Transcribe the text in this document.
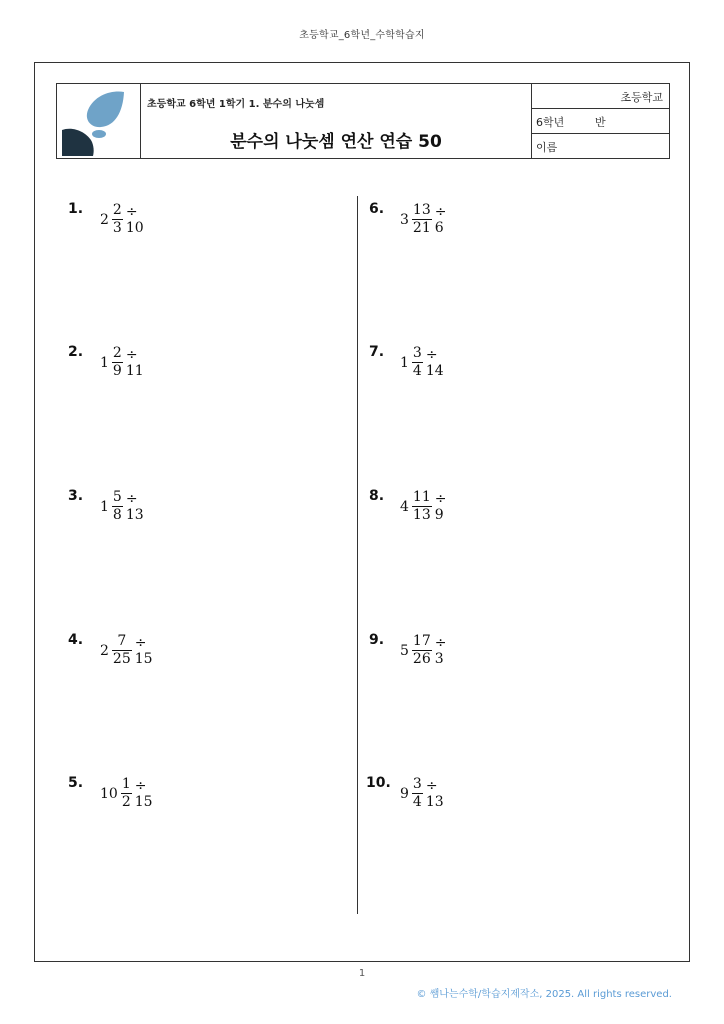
초등학교_6학년_수학학습지
초등학교 6학년 1학기 1. 분수의 나눗셈
분수의 나눗셈 연산 연습 50
초등학교
6학년	반
이름
1.
$2 \frac{2}{3} \div 10$
2.
$1 \frac{2}{9} \div 11$
3.
$1 \frac{5}{8} \div 13$
4.
$2 \frac{7}{25} \div 15$
5.
$10 \frac{1}{2} \div 15$
6.
$3 \frac{13}{21} \div 6$
7.
$1 \frac{3}{4} \div 14$
8.
$4 \frac{11}{13} \div 9$
9.
$5 \frac{17}{26} \div 3$
10.
$9 \frac{3}{4} \div 13$
1
© 쌤나는수학/학습지제작소, 2025. All rights reserved.
